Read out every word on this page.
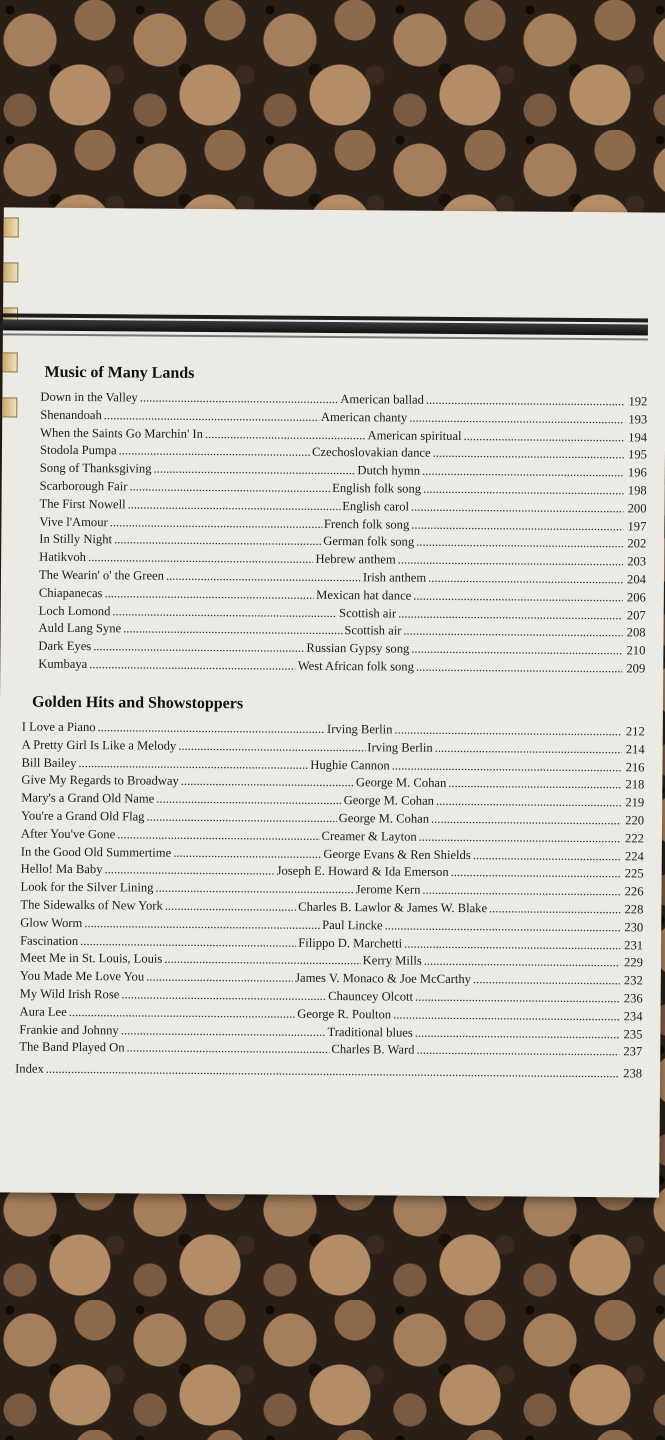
Music of Many Lands
Down in the Valley .....	American ballad .....	192
Shenandoah .....	American chanty .....	193
When the Saints Go Marchin' In .....	American spiritual .....	194
Stodola Pumpa .....	Czechoslovakian dance .....	195
Song of Thanksgiving .....	Dutch hymn .....	196
Scarborough Fair .....	English folk song .....	198
The First Nowell .....	English carol .....	200
Vive l'Amour .....	French folk song .....	197
In Stilly Night .....	German folk song .....	202
Hatikvoh .....	Hebrew anthem .....	203
The Wearin' o' the Green .....	Irish anthem .....	204
Chiapanecas .....	Mexican hat dance .....	206
Loch Lomond .....	Scottish air .....	207
Auld Lang Syne .....	Scottish air .....	208
Dark Eyes .....	Russian Gypsy song .....	210
Kumbaya .....	West African folk song .....	209
Golden Hits and Showstoppers
I Love a Piano .....	Irving Berlin .....	212
A Pretty Girl Is Like a Melody .....	Irving Berlin .....	214
Bill Bailey .....	Hughie Cannon .....	216
Give My Regards to Broadway .....	George M. Cohan .....	218
Mary's a Grand Old Name .....	George M. Cohan .....	219
You're a Grand Old Flag .....	George M. Cohan .....	220
After You've Gone .....	Creamer & Layton .....	222
In the Good Old Summertime .....	George Evans & Ren Shields .....	224
Hello! Ma Baby .....	Joseph E. Howard & Ida Emerson .....	225
Look for the Silver Lining .....	Jerome Kern .....	226
The Sidewalks of New York .....	Charles B. Lawlor & James W. Blake .....	228
Glow Worm .....	Paul Lincke .....	230
Fascination .....	Filippo D. Marchetti .....	231
Meet Me in St. Louis, Louis .....	Kerry Mills .....	229
You Made Me Love You .....	James V. Monaco & Joe McCarthy .....	232
My Wild Irish Rose .....	Chauncey Olcott .....	236
Aura Lee .....	George R. Poulton .....	234
Frankie and Johnny .....	Traditional blues .....	235
The Band Played On .....	Charles B. Ward .....	237
Index .....	238
